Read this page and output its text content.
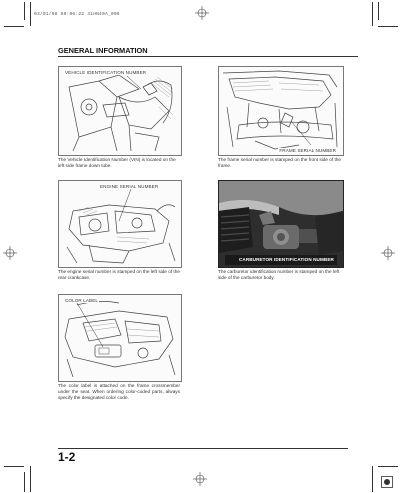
03/01/08 09:06:22 41HN40A_005
GENERAL INFORMATION
VEHICLE IDENTIFICATION NUMBER
The Vehicle Identification Number (VIN) is located on the left side frame down tube.
FRAME SERIAL NUMBER
The frame serial number is stamped on the front side of the frame.
ENGINE SERIAL NUMBER
The engine serial number is stamped on the left side of the rear crankcase.
CARBURETOR IDENTIFICATION NUMBER
The carburetor identification number is stamped on the left side of the carburetor body.
COLOR LABEL
The color label is attached on the frame crossmember under the seat. When ordering color-coded parts, always specify the designated color code.
1-2
